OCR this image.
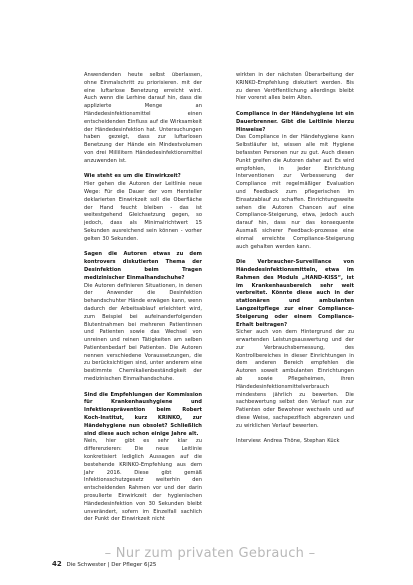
Anwendenden heute selbst überlassen, ohne Einmalschritt zu priorisieren. mit der eine luftarlose Benetzung erreicht wird. Auch wenn die Lerhine darauf hin, dass die applizierte Menge an Händedesinfektionsmittel einen entscheidenden Einfluss auf die Wirksamkeit der Händedesinfektion hat. Untersuchungen haben gezeigt, dass zur luftarlosen Benetzung der Hände ein Mindestvolumen von drei Millilitern Händedesinfektionsmittel anzuwenden ist.

Wie steht es um die Einwirkzeit?

Hier gehen die Autoren der Leitlinie neue Wege: Für die Dauer der vom Hersteller deklarierten Einwirkzeit soll die Oberfläche der Hand feucht bleiben - das ist weitestgehend Gleichsetzung gegen, so jedoch, dass als Minimalrichtwert 15 Sekunden ausreichend sein können - vorher gelten 30 Sekunden.

Sagen die Autoren etwas zu dem kontrovers diskutierten Thema der Desinfektion beim Tragen medizinischer Einmalhandschuhe?

Die Autoren definieren Situationen, in denen der Anwender die Desinfektion behandschuhter Hände erwägen kann, wenn dadurch der Arbeitsablauf erleichtert wird, zum Beispiel bei aufeinanderfolgenden Blutentnahmen bei mehreren Patientinnen und Patienten sowie das Wechsel von unreinen und reinen Tätigkeiten am selben Patientenbedarf bei Patienten. Die Autoren nennen verschiedene Voraussetzungen, die zu berücksichtigen sind, unter anderem eine bestimmte Chemikalienbeständigkeit der medizinischen Einmalhandschuhe.

Sind die Empfehlungen der Kommission für Krankenhaushygiene und Infektionsprävention beim Robert Koch-Institut, kurz KRINKO, zur Händehygiene nun obsolet? Schließlich sind diese auch schon einige Jahre alt.

Nein, hier gibt es sehr klar zu differenzieren: Die neue Leitlinie konkretisiert lediglich Aussagen auf die bestehende KRINKO-Empfehlung aus dem Jahr 2016. Diese gibt gemäß Infektionsschutzgesetz weiterhin den entscheidenden Rahmen vor und der darin prosulierte Einwirkzeit der hygienischen Händedesinfektion von 30 Sekunden bleibt unverändert, sofern im Einzelfall sachlich der Punkt der Einwirkzeit nicht

wirkten in der nächsten Überarbeitung der KRINKO-Empfehlung diskutiert werden. Bis zu deren Veröffentlichung allerdings bleibt hier vorerst alles beim Alten.

Compliance in der Händehygiene ist ein Dauerbrenner. Gibt die Leitlinie hierzu Hinweise?

Das Compliance in der Händehygiene kann Selbstläufer ist, wissen alle mit Hygiene befassten Personen nur zu gut. Auch diesen Punkt greifen die Autoren daher auf. Es wird empfohlen, in jeder Einrichtung Interventionen zur Verbesserung der Compliance mit regelmäßiger Evaluation und Feedback zum pflegerischen im Einsatzablauf zu schaffen. Einrichtungsweite sehen die Autoren Chancen auf eine Compliance-Steigerung, etwa, jedoch auch darauf hin, dass nur das konsequente Ausmaß sicherer Feedback-prozesse eine einmal erreichte Compliance-Steigerung auch gehalten werden kann.

Die Verbraucher-Surveillance von Händedesinfektionsmitteln, etwa im Rahmen des Moduls „HAND-KISS“, ist im Krankenhausbereich sehr weit verbreitet. Könnte diese auch in der stationären und ambulanten Langzeitpflege zur einer Compliance-Steigerung oder einem Compliance-Erhalt beitragen?

Sicher auch von dem Hintergrund der zu erwartenden Leistungsauswertung und der zur Verbrauchsbemessung, des Kontrollbereiches in dieser Einrichtungen in dem anderen Bereich empfehlen die Autoren soweit ambulanten Einrichtungen ab sowie Pflegeheimen, ihren Händedesinfektionsmittelverbrauch mindestens jährlich zu bewerten. Die sachbewertung selbst den Verlauf nun zur Patienten oder Bewohner wechseln und auf diese Weise, sachspezifisch abgrenzen und zu wirklichen Verlauf bewerten.

Interview: Andrea Thöne, Stephan Kück

– Nur zum privaten Gebrauch –
42 Die Schwester | Der Pfleger 6|25
